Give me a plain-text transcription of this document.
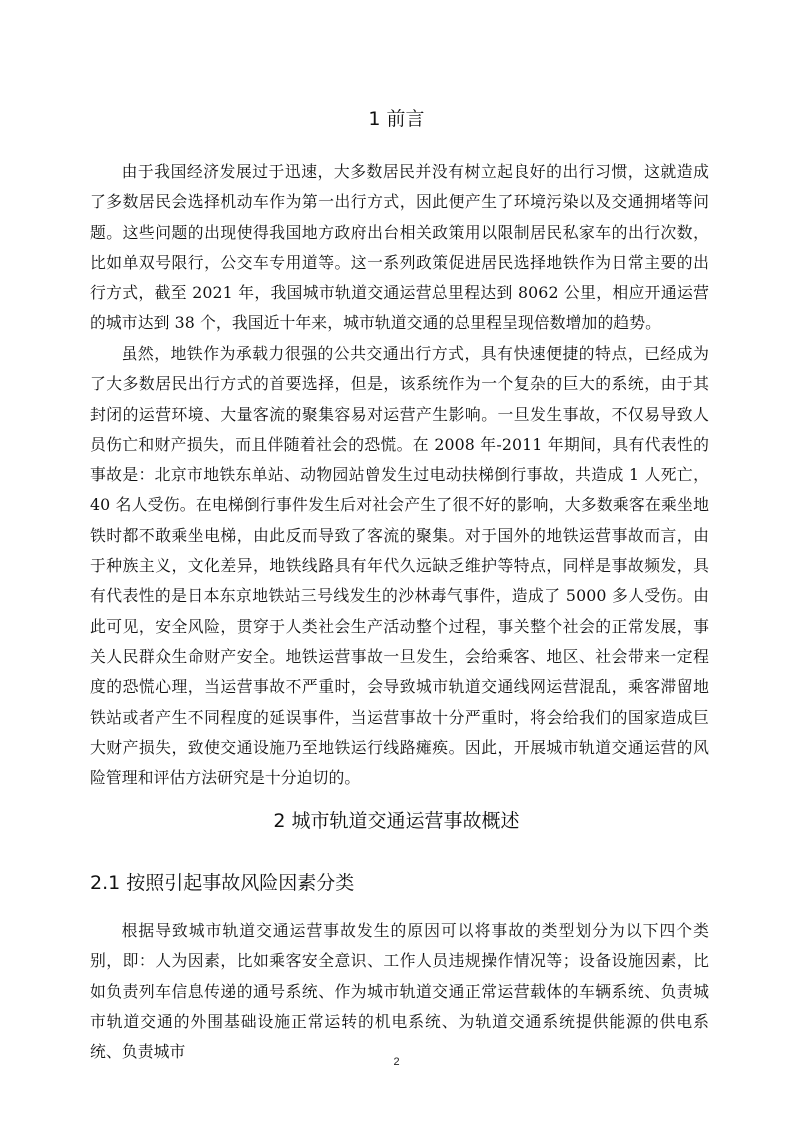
1 前言

由于我国经济发展过于迅速，大多数居民并没有树立起良好的出行习惯，这就造成了多数居民会选择机动车作为第一出行方式，因此便产生了环境污染以及交通拥堵等问题。这些问题的出现使得我国地方政府出台相关政策用以限制居民私家车的出行次数，比如单双号限行，公交车专用道等。这一系列政策促进居民选择地铁作为日常主要的出行方式，截至 2021 年，我国城市轨道交通运营总里程达到 8062 公里，相应开通运营的城市达到 38 个，我国近十年来，城市轨道交通的总里程呈现倍数增加的趋势。

虽然，地铁作为承载力很强的公共交通出行方式，具有快速便捷的特点，已经成为了大多数居民出行方式的首要选择，但是，该系统作为一个复杂的巨大的系统，由于其封闭的运营环境、大量客流的聚集容易对运营产生影响。一旦发生事故，不仅易导致人员伤亡和财产损失，而且伴随着社会的恐慌。在 2008 年-2011 年期间，具有代表性的事故是：北京市地铁东单站、动物园站曾发生过电动扶梯倒行事故，共造成 1 人死亡，40 名人受伤。在电梯倒行事件发生后对社会产生了很不好的影响，大多数乘客在乘坐地铁时都不敢乘坐电梯，由此反而导致了客流的聚集。对于国外的地铁运营事故而言，由于种族主义，文化差异，地铁线路具有年代久远缺乏维护等特点，同样是事故频发，具有代表性的是日本东京地铁站三号线发生的沙林毒气事件，造成了 5000 多人受伤。由此可见，安全风险，贯穿于人类社会生产活动整个过程，事关整个社会的正常发展，事关人民群众生命财产安全。地铁运营事故一旦发生，会给乘客、地区、社会带来一定程度的恐慌心理，当运营事故不严重时，会导致城市轨道交通线网运营混乱，乘客滞留地铁站或者产生不同程度的延误事件，当运营事故十分严重时，将会给我们的国家造成巨大财产损失，致使交通设施乃至地铁运行线路瘫痪。因此，开展城市轨道交通运营的风险管理和评估方法研究是十分迫切的。

2 城市轨道交通运营事故概述
2.1 按照引起事故风险因素分类

根据导致城市轨道交通运营事故发生的原因可以将事故的类型划分为以下四个类别，即：人为因素，比如乘客安全意识、工作人员违规操作情况等；设备设施因素，比如负责列车信息传递的通号系统、作为城市轨道交通正常运营载体的车辆系统、负责城市轨道交通的外围基础设施正常运转的机电系统、为轨道交通系统提供能源的供电系统、负责城市

2
